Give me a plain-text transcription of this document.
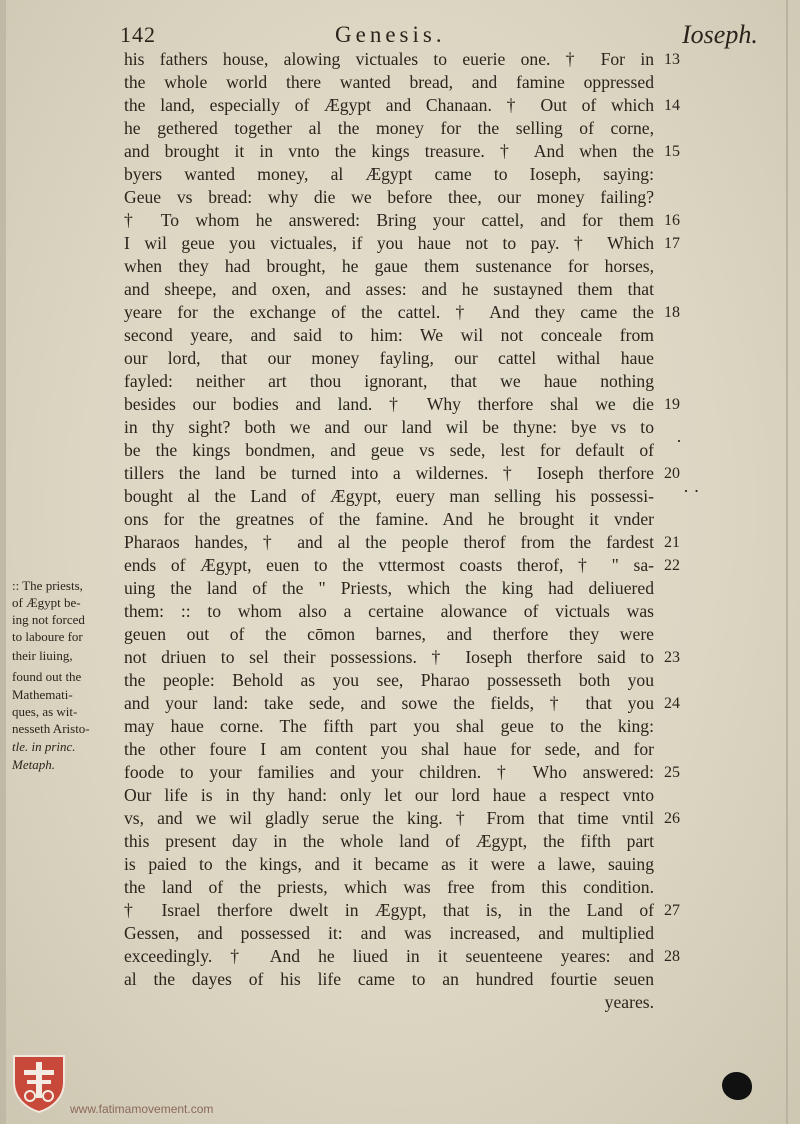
142	Genesis.	Ioseph.
his fathers house, alowing victuales to euerie one. † For in
the whole world there wanted bread, and famine oppressed
the land, especially of Ægypt and Chanaan. † Out of which
he gethered together al the money for the selling of corne,
and brought it in vnto the kings treasure. † And when the
byers wanted money, al Ægypt came to Ioseph, saying:
Geue vs bread: why die we before thee, our money failing?
† To whom he answered: Bring your cattel, and for them
I wil geue you victuales, if you haue not to pay. † Which
when they had brought, he gaue them sustenance for horses,
and sheepe, and oxen, and asses: and he sustayned them that
yeare for the exchange of the cattel. † And they came the
second yeare, and said to him: We wil not conceale from
our lord, that our money fayling, our cattel withal haue
fayled: neither art thou ignorant, that we haue nothing
besides our bodies and land. † Why therfore shal we die
in thy sight? both we and our land wil be thyne: bye vs to
be the kings bondmen, and geue vs sede, lest for default of
tillers the land be turned into a wildernes. † Ioseph therfore
bought al the Land of Ægypt, euery man selling his possessi-
ons for the greatnes of the famine. And he brought it vnder
Pharaos handes, † and al the people therof from the fardest
ends of Ægypt, euen to the vttermost coasts therof, † " sa-
uing the land of the " Priests, which the king had deliuered
them: :: to whom also a certaine alowance of victuals was
geuen out of the cōmon barnes, and therfore they were
not driuen to sel their possessions. † Ioseph therfore said to
the people: Behold as you see, Pharao possesseth both you
and your land: take sede, and sowe the fields, † that you
may haue corne. The fifth part you shal geue to the king:
the other foure I am content you shal haue for sede, and for
foode to your families and your children. † Who answered:
Our life is in thy hand: only let our lord haue a respect vnto
vs, and we wil gladly serue the king. † From that time vntil
this present day in the whole land of Ægypt, the fifth part
is paied to the kings, and it became as it were a lawe, sauing
the land of the priests, which was free from this condition.
† Israel therfore dwelt in Ægypt, that is, in the Land of
Gessen, and possessed it: and was increased, and multiplied
exceedingly. † And he liued in it seuenteene yeares: and
al the dayes of his life came to an hundred fourtie seuen
yeares.
13
14
15
16
17
18
19
20
21
22
23
24
25
26
27
28
·
· ·
:: The priests,
of Ægypt be-
ing not forced
to laboure for
their liuing,
found out the
Mathemati-
ques, as wit-
nesseth Aristo-
tle. in princ.
Metaph.
www.fatimamovement.com
